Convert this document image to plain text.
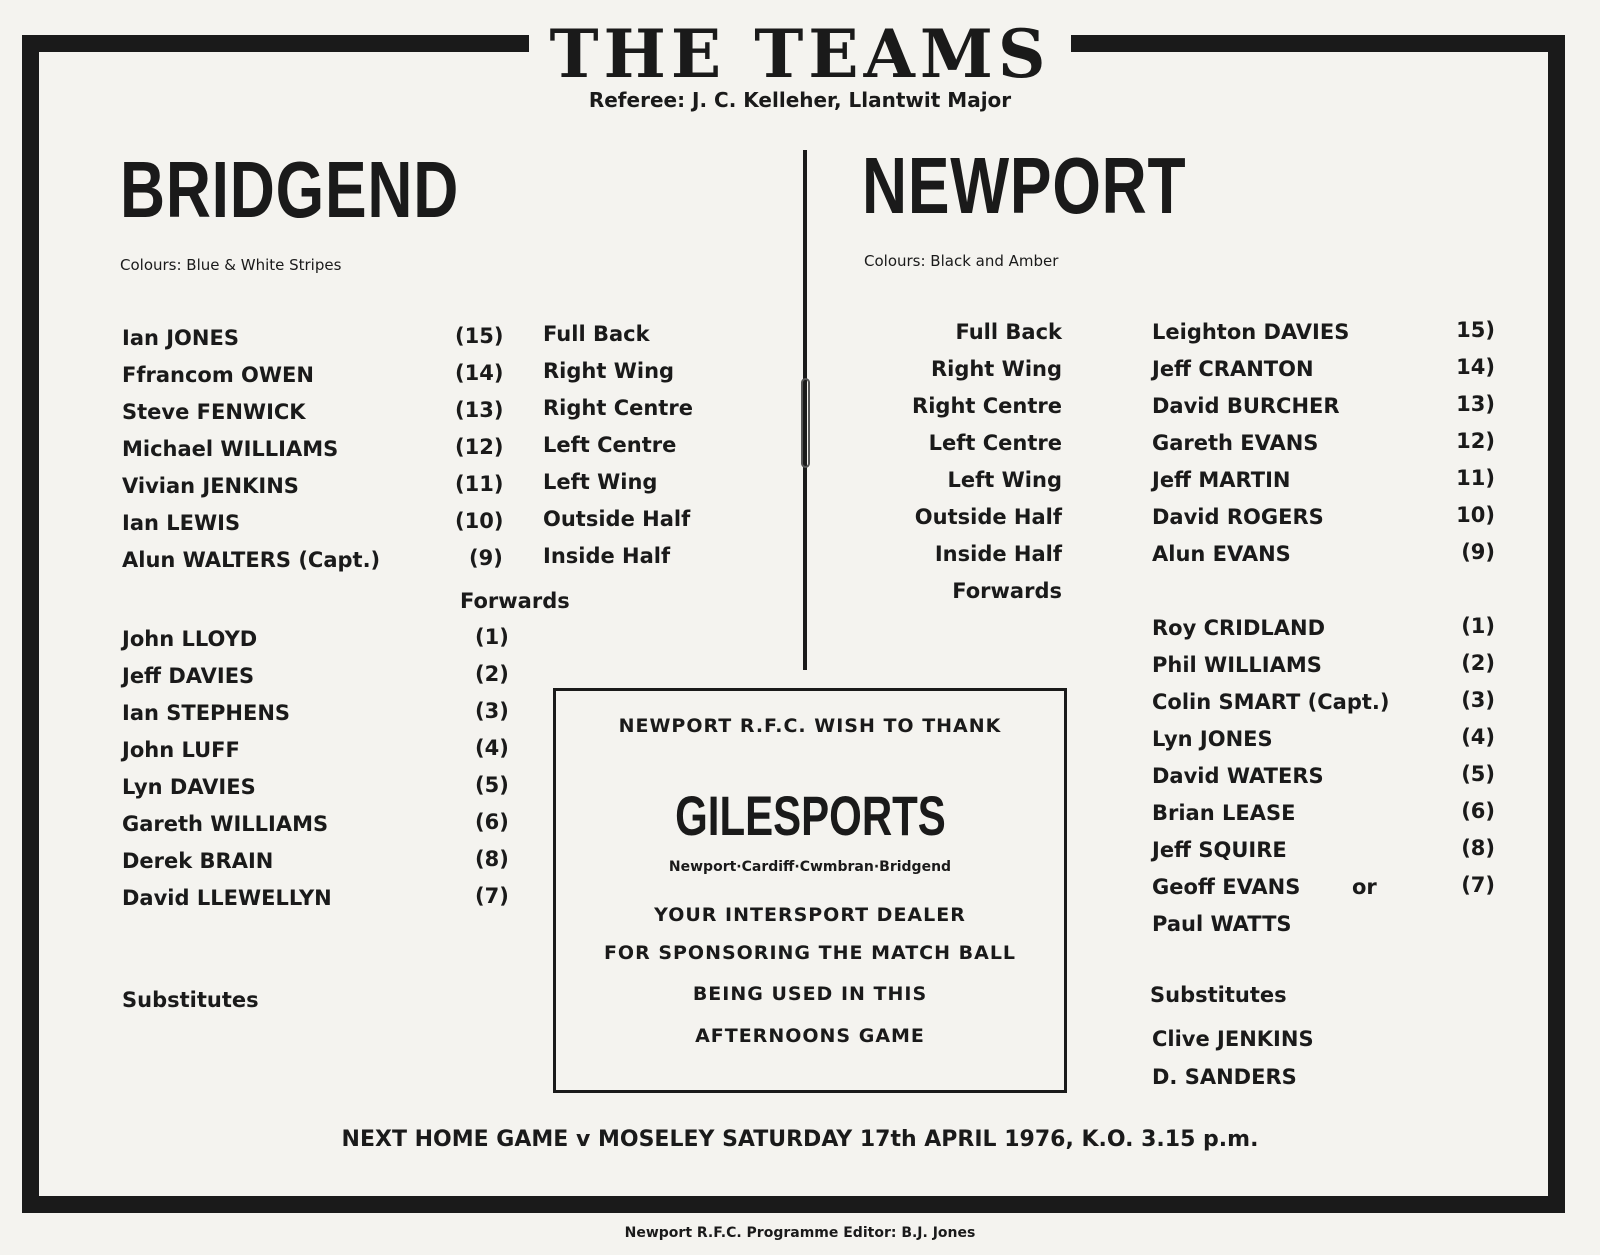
THE TEAMS
Referee: J. C. Kelleher, Llantwit Major
BRIDGEND
Colours: Blue & White Stripes
Ian JONES	(15) Full Back
Ffrancom OWEN	(14) Right Wing
Steve FENWICK	(13) Right Centre
Michael WILLIAMS	(12) Left Centre
Vivian JENKINS	(11) Left Wing
Ian LEWIS	(10) Outside Half
Alun WALTERS (Capt.)	(9) Inside Half
Forwards
John LLOYD	(1)
Jeff DAVIES	(2)
Ian STEPHENS	(3)
John LUFF	(4)
Lyn DAVIES	(5)
Gareth WILLIAMS	(6)
Derek BRAIN	(8)
David LLEWELLYN	(7)
Substitutes
NEWPORT
Colours: Black and Amber
Full Back	Leighton DAVIES	15)
Right Wing	Jeff CRANTON	14)
Right Centre	David BURCHER	13)
Left Centre	Gareth EVANS	12)
Left Wing	Jeff MARTIN	11)
Outside Half	David ROGERS	10)
Inside Half	Alun EVANS	(9)
Forwards
Roy CRIDLAND	(1)
Phil WILLIAMS	(2)
Colin SMART (Capt.)	(3)
Lyn JONES	(4)
David WATERS	(5)
Brian LEASE	(6)
Jeff SQUIRE	(8)
Geoff EVANS or	(7)
Paul WATTS
Substitutes
Clive JENKINS
D. SANDERS
NEWPORT R.F.C. WISH TO THANK
GILESPORTS
Newport·Cardiff·Cwmbran·Bridgend
YOUR INTERSPORT DEALER
FOR SPONSORING THE MATCH BALL
BEING USED IN THIS
AFTERNOONS GAME
NEXT HOME GAME v MOSELEY SATURDAY 17th APRIL 1976, K.O. 3.15 p.m.
Newport R.F.C. Programme Editor: B.J. Jones
